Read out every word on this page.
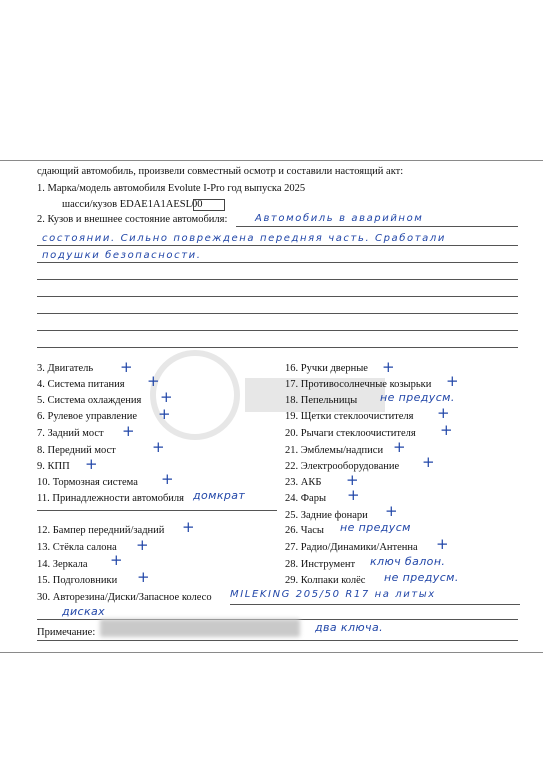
сдающий автомобиль, произвели совместный осмотр и составили настоящий акт:
1. Марка/модель автомобиля Evolute I-Pro год выпуска 2025
шасси/кузов EDAE1A1AESL00
2. Кузов и внешнее состояние автомобиля:	Автомобиль в аварийном
состоянии. Сильно повреждена передняя часть. Сработали
подушки безопасности.
3. Двигатель +
4. Система питания +
5. Система охлаждения +
6. Рулевое управление +
7. Задний мост +
8. Передний мост +
9. КПП +
10. Тормозная система +
11. Принадлежности автомобиля домкрат
12. Бампер передний/задний +
13. Стёкла салона +
14. Зеркала +
15. Подголовники +
16. Ручки дверные +
17. Противосолнечные козырьки +
18. Пепельницы не предусм.
19. Щетки стеклоочистителя +
20. Рычаги стеклоочистителя +
21. Эмблемы/надписи +
22. Электрооборудование +
23. АКБ +
24. Фары +
25. Задние фонари +
26. Часы не предусм
27. Радио/Динамики/Антенна +
28. Инструмент ключ балон.
29. Колпаки колёс не предусм.
30. Авторезина/Диски/Запасное колесо MILEKING 205/50 R17 на литых
дисках
Примечание:	два ключа.
